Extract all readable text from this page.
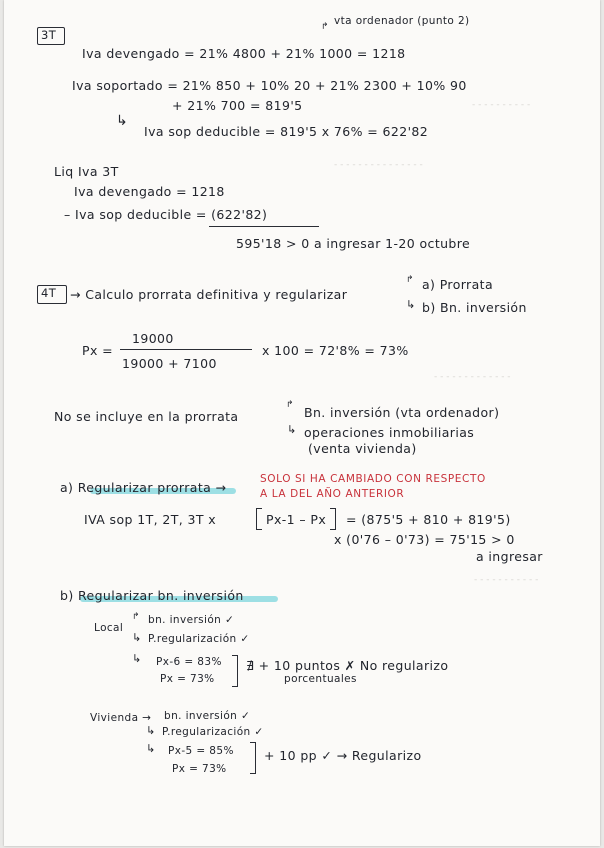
- - - - - - - - - -
- - - - - - - - - - - - - - -
- - - - - - - - - - - - -
- - - - - - - - - - -
3T
vta ordenador (punto 2)
↱
Iva devengado = 21% 4800 + 21% 1000 = 1218
Iva soportado = 21% 850 + 10% 20 + 21% 2300 + 10% 90
+ 21% 700 = 819'5
↳
Iva sop deducible = 819'5 x 76% = 622'82
Liq Iva 3T
Iva devengado = 1218
– Iva sop deducible = (622'82)
595'18 > 0 a ingresar 1-20 octubre
4T → Calculo prorrata definitiva y regularizar
↱ a) Prorrata
↳ b) Bn. inversión
Px =
19000
19000 + 7100
x 100 = 72'8% = 73%
No se incluye en la prorrata
↱ Bn. inversión (vta ordenador)
↳ operaciones inmobiliarias
(venta vivienda)
a) Regularizar prorrata →
SOLO SI HA CAMBIADO CON RESPECTO
A LA DEL AÑO ANTERIOR
IVA sop 1T, 2T, 3T x	Px-1 – Px = (875'5 + 810 + 819'5)
x (0'76 – 0'73) = 75'15 > 0
a ingresar
b) Regularizar bn. inversión
Local
↱ bn. inversión ✓
↳ P.regularización ✓
↳ Px-6 = 83%
Px = 73%
∄ + 10 puntos ✗ No regularizo
porcentuales
Vivienda → bn. inversión ✓
↳ P.regularización ✓
↳ Px-5 = 85%
Px = 73%
+ 10 pp ✓ → Regularizo
